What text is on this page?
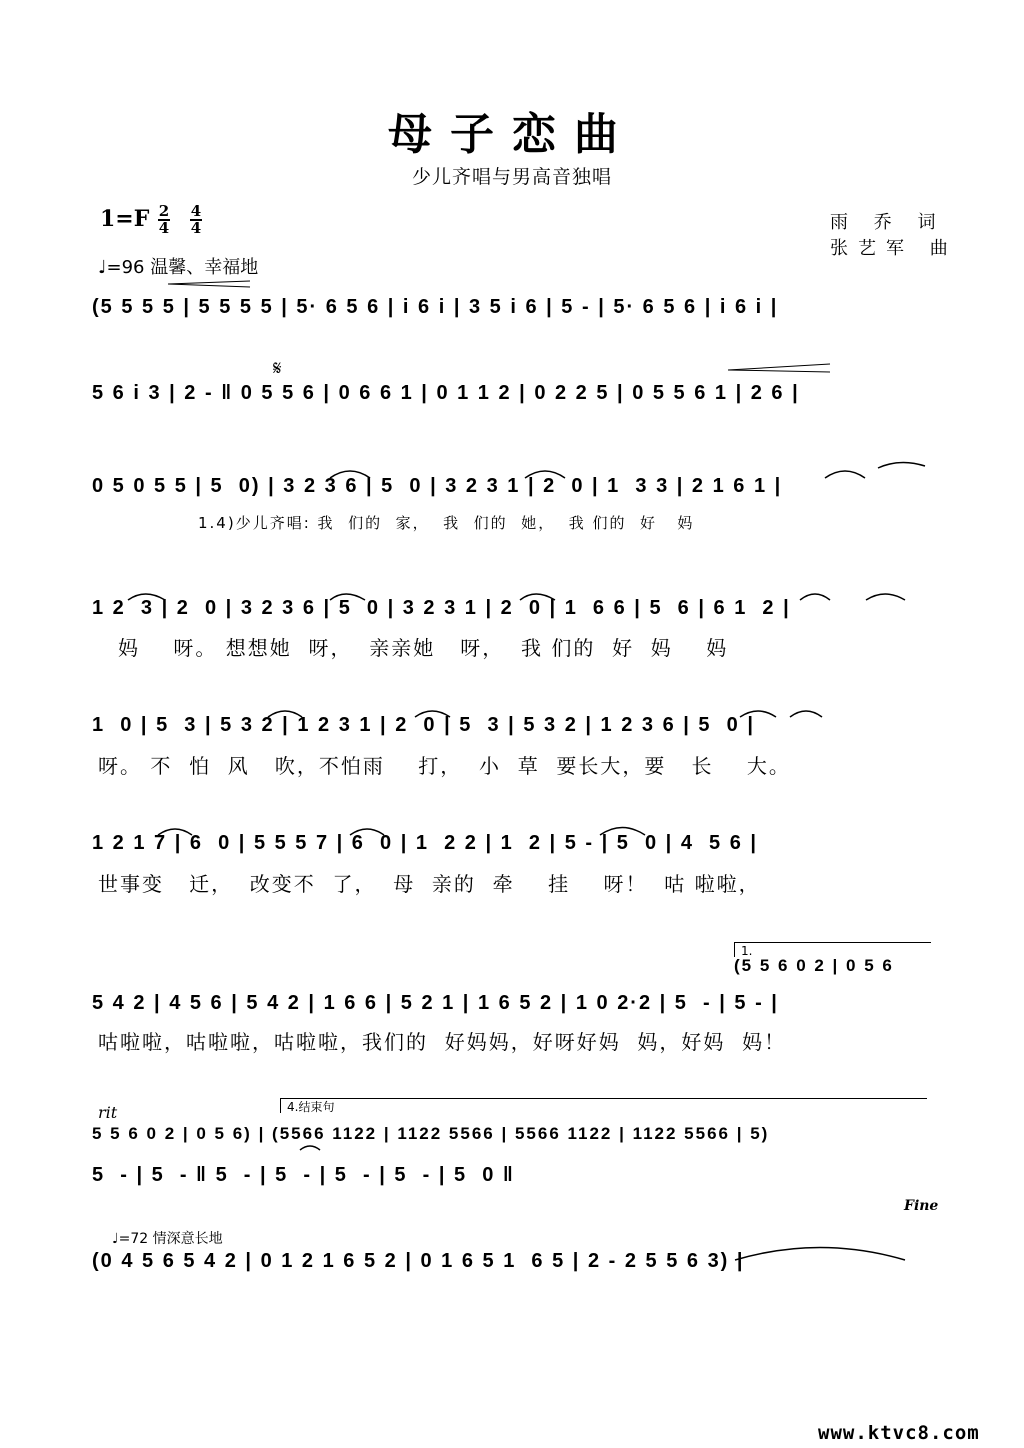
母子恋曲
少儿齐唱与男高音独唱
1=F 2
4
4
4	雨 乔 词
张艺军 曲
♩=96 温馨、幸福地
(5 5 5 5 | 5 5 5 5 | 5· 6 5 6 | i 6 i | 3 5 i 6 | 5 - | 5· 6 5 6 | i 6 i |
𝄋
5 6 i 3 | 2 - ‖ 0 5 5 6 | 0 6 6 1 | 0 1 1 2 | 0 2 2 5 | 0 5 5 6 1 | 2 6 |
0 5 0 5 5 | 5  0) | 3 2 3 6 | 5  0 | 3 2 3 1 | 2  0 | 1  3 3 | 2 1 6 1 |
1.4)少儿齐唱: 我  们的  家，  我  们的  她，  我 们的  好   妈
1 2  3 | 2  0 | 3 2 3 6 | 5  0 | 3 2 3 1 | 2  0 | 1  6 6 | 5  6 | 6 1  2 |
妈    呀。 想想她  呀，  亲亲她   呀，  我 们的  好  妈    妈
1  0 | 5  3 | 5 3 2 | 1 2 3 1 | 2  0 | 5  3 | 5 3 2 | 1 2 3 6 | 5  0 |
呀。 不  怕  风   吹，不怕雨    打，  小  草  要长大，要   长    大。
1 2 1 7 | 6  0 | 5 5 5 7 | 6  0 | 1  2 2 | 1  2 | 5 - | 5  0 | 4  5 6 |
世事变   迁，  改变不  了，  母  亲的  牵    挂    呀！  咕 啦啦，
1.
(5 5 6 0 2 | 0 5 6
5 4 2 | 4 5 6 | 5 4 2 | 1 6 6 | 5 2 1 | 1 6 5 2 | 1 0 2·2 | 5  - | 5 - |
咕啦啦，咕啦啦，咕啦啦，我们的  好妈妈，好呀好妈  妈，好妈  妈！
rit	4.结束句
5 5 6 0 2 | 0 5 6) | (5566 1122 | 1122 5566 | 5566 1122 | 1122 5566 | 5)
5  - | 5  - ‖ 5  - | 5  - | 5  - | 5  - | 5  0 ‖
Fine
♩=72 情深意长地
(0 4 5 6 5 4 2 | 0 1 2 1 6 5 2 | 0 1 6 5 1  6 5 | 2 - 2 5 5 6 3) |
www.ktvc8.com
